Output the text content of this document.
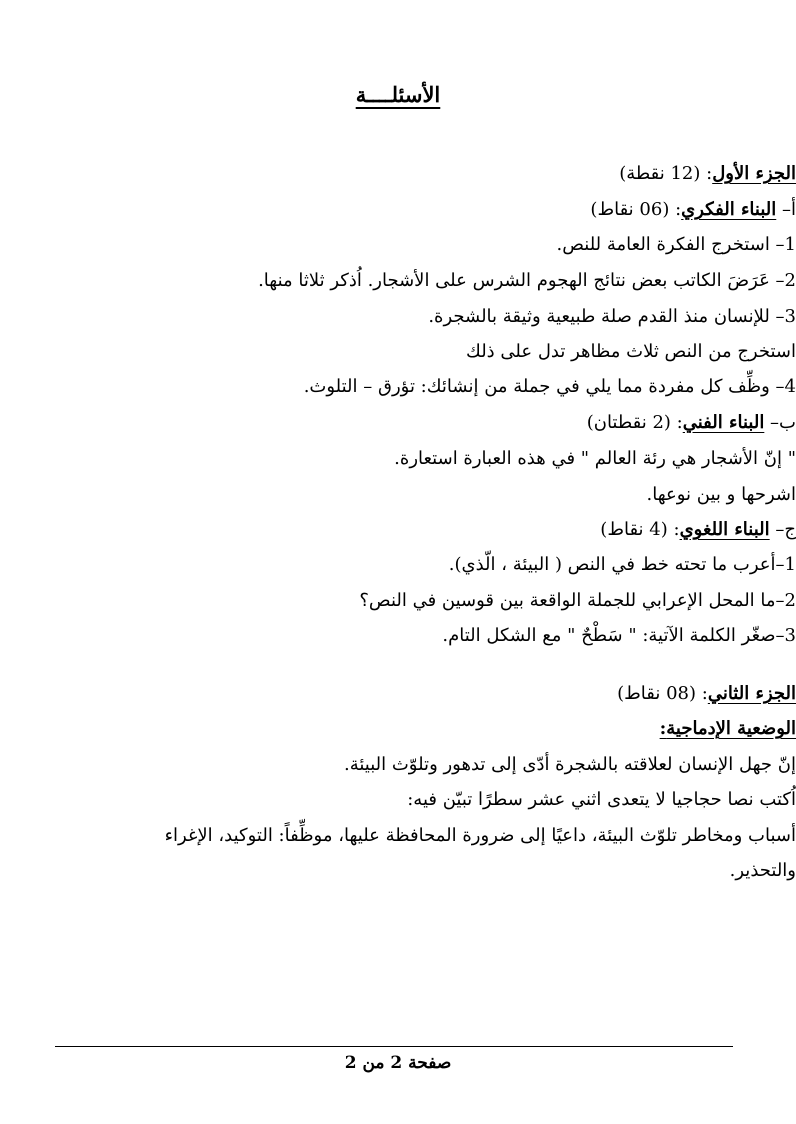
الأسئلــــة
الجزء الأول: (12 نقطة)
أ– البناء الفكري: (06 نقاط)
1– استخرج الفكرة العامة للنص.
2– عَرَضَ الكاتب بعض نتائج الهجوم الشرس على الأشجار. اُذكر ثلاثا منها.
3– للإنسان منذ القدم صلة طبيعية وثيقة بالشجرة.
استخرج من النص ثلاث مظاهر تدل على ذلك
4– وظِّف كل مفردة مما يلي في جملة من إنشائك: تؤرق – التلوث.
ب– البناء الفني: (2 نقطتان)
" إنّ الأشجار هي رئة العالم " في هذه العبارة استعارة.
اشرحها و بين نوعها.
ج– البناء اللغوي: (4 نقاط)
1–أعرب ما تحته خط في النص ( البيئة ، الّذي).
2–ما المحل الإعرابي للجملة الواقعة بين قوسين في النص؟
3–صغّر الكلمة الآتية: " سَطْحٌ " مع الشكل التام.
الجزء الثاني: (08 نقاط)
الوضعية الإدماجية:
إنّ جهل الإنسان لعلاقته بالشجرة أدّى إلى تدهور وتلوّث البيئة.
اُكتب نصا حجاجيا لا يتعدى اثني عشر سطرًا تبيّن فيه:
أسباب ومخاطر تلوّث البيئة، داعيًا إلى ضرورة المحافظة عليها، موظِّفاً: التوكيد، الإغراء
والتحذير.
صفحة 2 من 2
